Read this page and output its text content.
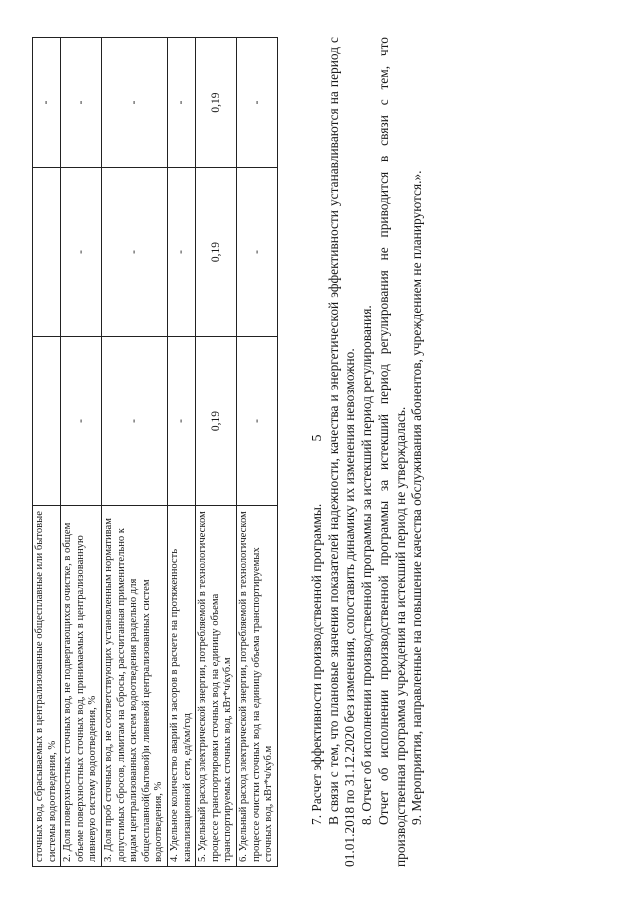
5
сточных вод, сбрасываемых в централизованные общесплавные или бытовые системы водоотведения, %			-
2. Доля поверхностных сточных вод, не подвергающихся очистке, в общем объеме поверхностных сточных вод, принимаемых в централизованную ливневую систему водоотведения, %	-	-	-
3. Доля проб сточных вод, не соответствующих установленным нормативам допустимых сбросов, лимитам на сбросы, рассчитанная применительно к видам централизованных систем водоотведения раздельно для общесплавной(бытовой)и ливневой централизованных систем водоотведения, %	-	-	-
4. Удельное количество аварий и засоров в расчете на протяженность канализационной сети, ед/км/год	-	-	-
5. Удельный расход электрической энергии, потребляемой в технологическом процессе транспортировки сточных вод на единицу объема транспортируемых сточных вод, кВт*ч/куб.м	0,19	0,19	0,19
6. Удельный расход электрической энергии, потребляемой в технологическом процессе очистки сточных вод на единицу объема транспортируемых сточных вод, кВт*ч/куб.м	-	-	-

7. Расчет эффективности производственной программы. В связи с тем, что плановые значения показателей надежности, качества и энергетической эффективности устанавливаются на период с 01.01.2018 по 31.12.2020 без изменения, сопоставить динамику их изменения невозможно. 8. Отчет об исполнении производственной программы за истекший период регулирования. Отчет об исполнении производственной программы за истекший период регулирования не приводится в связи с тем, что производственная программа учреждения на истекший период не утверждалась. 9. Мероприятия, направленные на повышение качества обслуживания абонентов, учреждением не планируются.».
